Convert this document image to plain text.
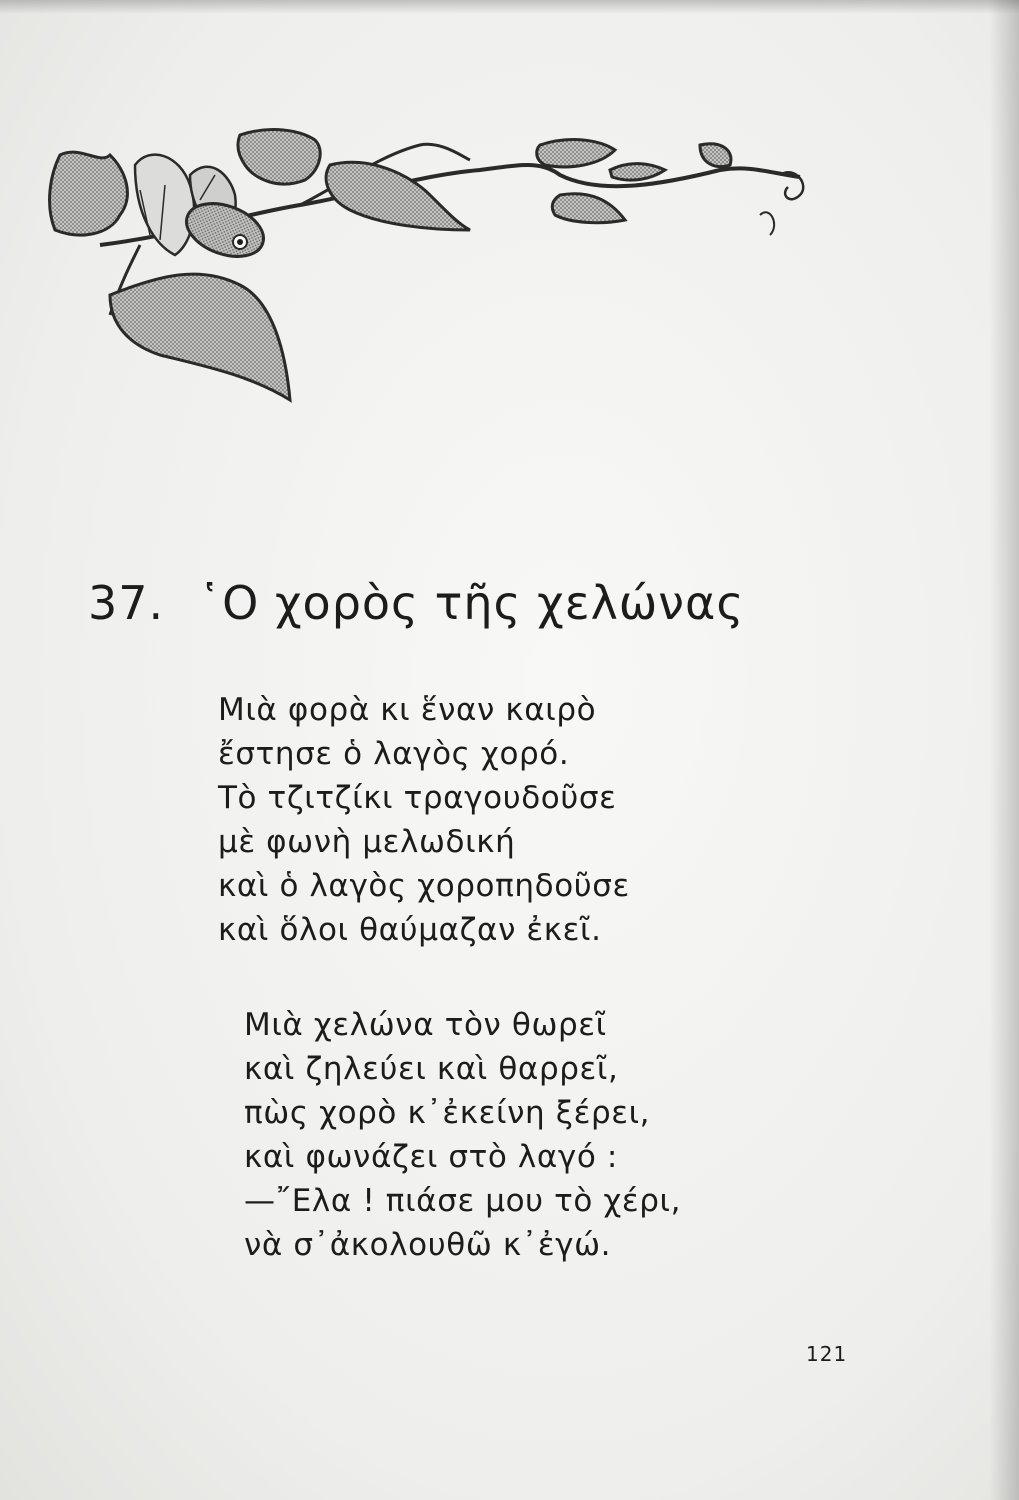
37. ῾Ο χορὸς τῆς χελώνας
Μιὰ φορὰ κι ἕναν καιρὸ
ἔστησε ὁ λαγὸς χορό.
Τὸ τζιτζίκι τραγουδοῦσε
μὲ φωνὴ μελωδική
καὶ ὁ λαγὸς χοροπηδοῦσε
καὶ ὅλοι θαύμαζαν ἐκεῖ.
Μιὰ χελώνα τὸν θωρεῖ
καὶ ζηλεύει καὶ θαρρεῖ,
πὼς χορὸ κ᾽ἐκείνη ξέρει,
καὶ φωνάζει στὸ λαγό :
—῎Ελα ! πιάσε μου τὸ χέρι,
νὰ σ᾽ἀκολουθῶ κ᾽ἐγώ.
121
